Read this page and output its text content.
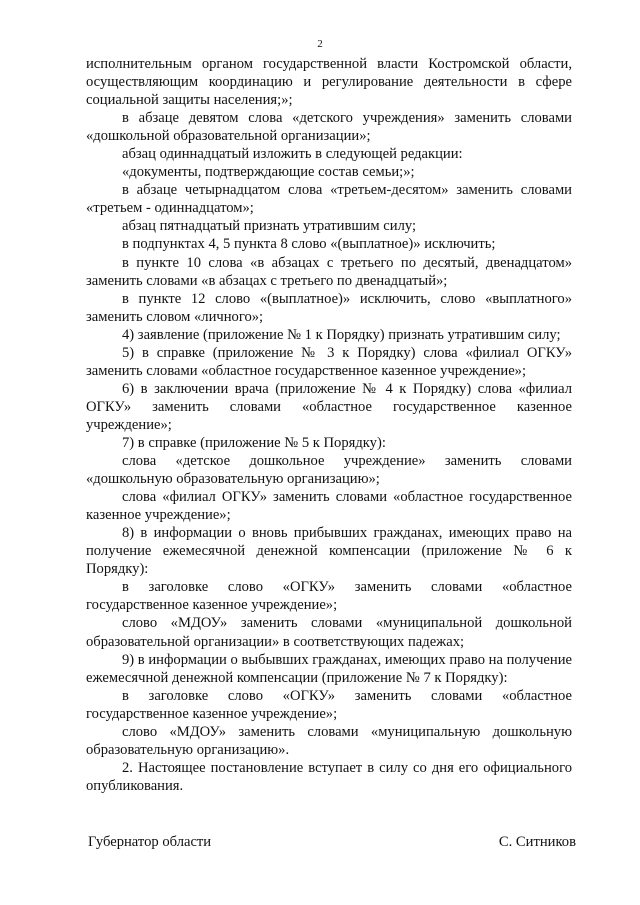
2

исполнительным органом государственной власти Костромской области, осуществляющим координацию и регулирование деятельности в сфере социальной защиты населения;»;

в абзаце девятом слова «детского учреждения» заменить словами «дошкольной образовательной организации»;

абзац одиннадцатый изложить в следующей редакции:

«документы, подтверждающие состав семьи;»;

в абзаце четырнадцатом слова «третьем-десятом» заменить словами «третьем - одиннадцатом»;

абзац пятнадцатый признать утратившим силу;

в подпунктах 4, 5 пункта 8 слово «(выплатное)» исключить;

в пункте 10 слова «в абзацах с третьего по десятый, двенадцатом» заменить словами «в абзацах с третьего по двенадцатый»;

в пункте 12 слово «(выплатное)» исключить, слово «выплатного» заменить словом «личного»;

4) заявление (приложение № 1 к Порядку) признать утратившим силу;

5) в справке (приложение № 3 к Порядку) слова «филиал ОГКУ» заменить словами «областное государственное казенное учреждение»;

6) в заключении врача (приложение № 4 к Порядку) слова «филиал ОГКУ» заменить словами «областное государственное казенное учреждение»;

7) в справке (приложение № 5 к Порядку):

слова «детское дошкольное учреждение» заменить словами «дошкольную образовательную организацию»;

слова «филиал ОГКУ» заменить словами «областное государственное казенное учреждение»;

8) в информации о вновь прибывших гражданах, имеющих право на получение ежемесячной денежной компенсации (приложение № 6 к Порядку):

в заголовке слово «ОГКУ» заменить словами «областное государственное казенное учреждение»;

слово «МДОУ» заменить словами «муниципальной дошкольной образовательной организации» в соответствующих падежах;

9) в информации о выбывших гражданах, имеющих право на получение ежемесячной денежной компенсации (приложение № 7 к Порядку):

в заголовке слово «ОГКУ» заменить словами «областное государственное казенное учреждение»;

слово «МДОУ» заменить словами «муниципальную дошкольную образовательную организацию».

2. Настоящее постановление вступает в силу со дня его официального опубликования.

Губернатор области	С. Ситников
